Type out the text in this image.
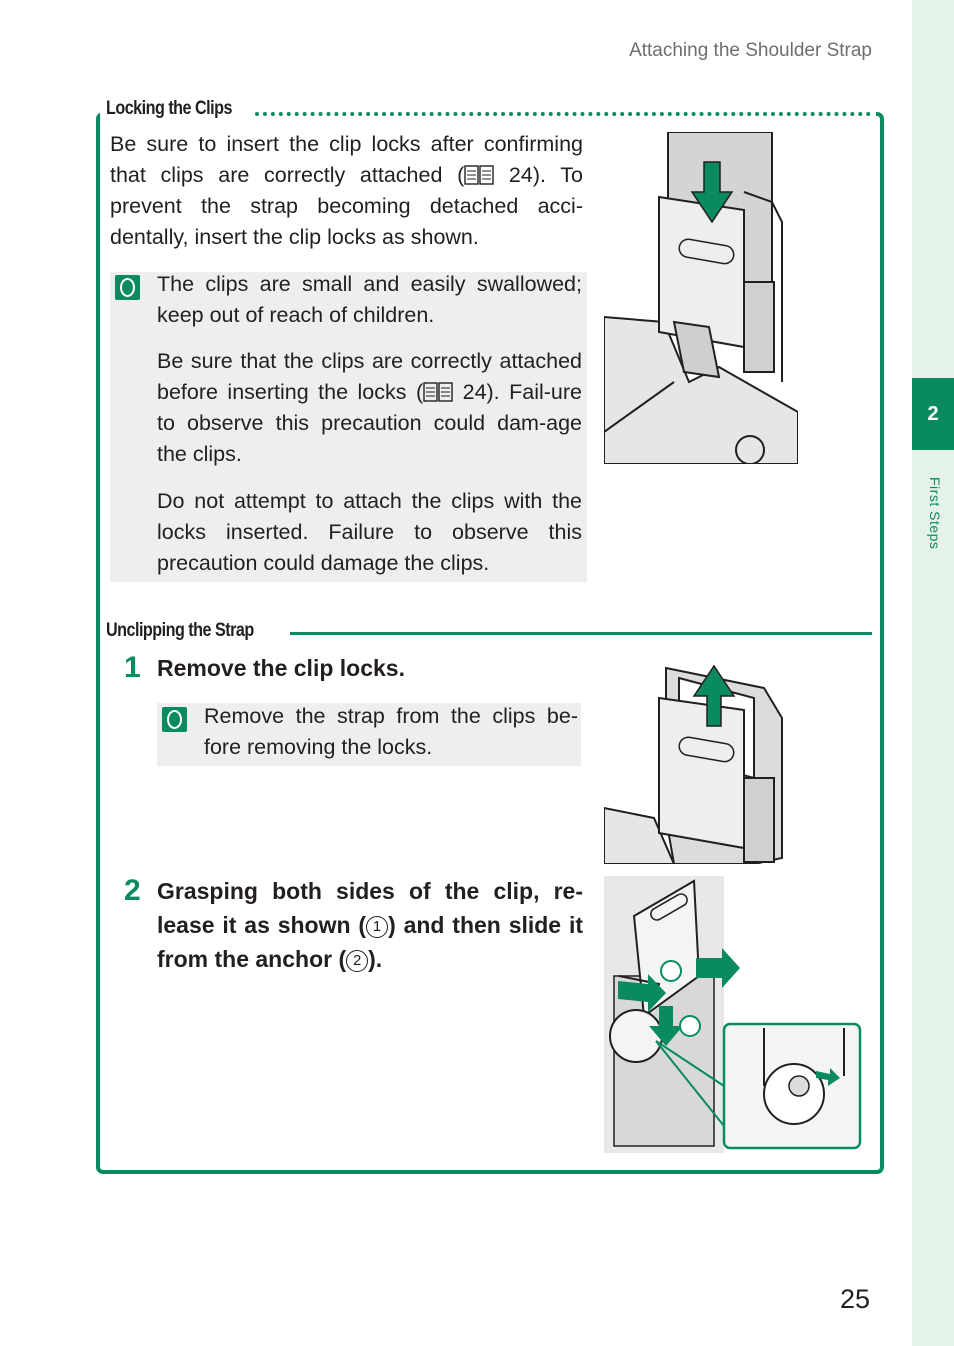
2
First Steps
Attaching the Shoulder Strap
Locking the Clips
Be sure to insert the clip locks after confirming that clips are correctly attached ( 24). To prevent the strap becoming detached acci-dentally, insert the clip locks as shown.
The clips are small and easily swallowed; keep out of reach of children.
Be sure that the clips are correctly attached before inserting the locks ( 24). Fail-ure to observe this precaution could dam-age the clips.
Do not attempt to attach the clips with the locks inserted. Failure to observe this precaution could damage the clips.
Unclipping the Strap
1 Remove the clip locks.
Remove the strap from the clips be-fore removing the locks.
2 Grasping both sides of the clip, re-lease it as shown ( 1 ) and then slide it from the anchor ( 2 ).
25
